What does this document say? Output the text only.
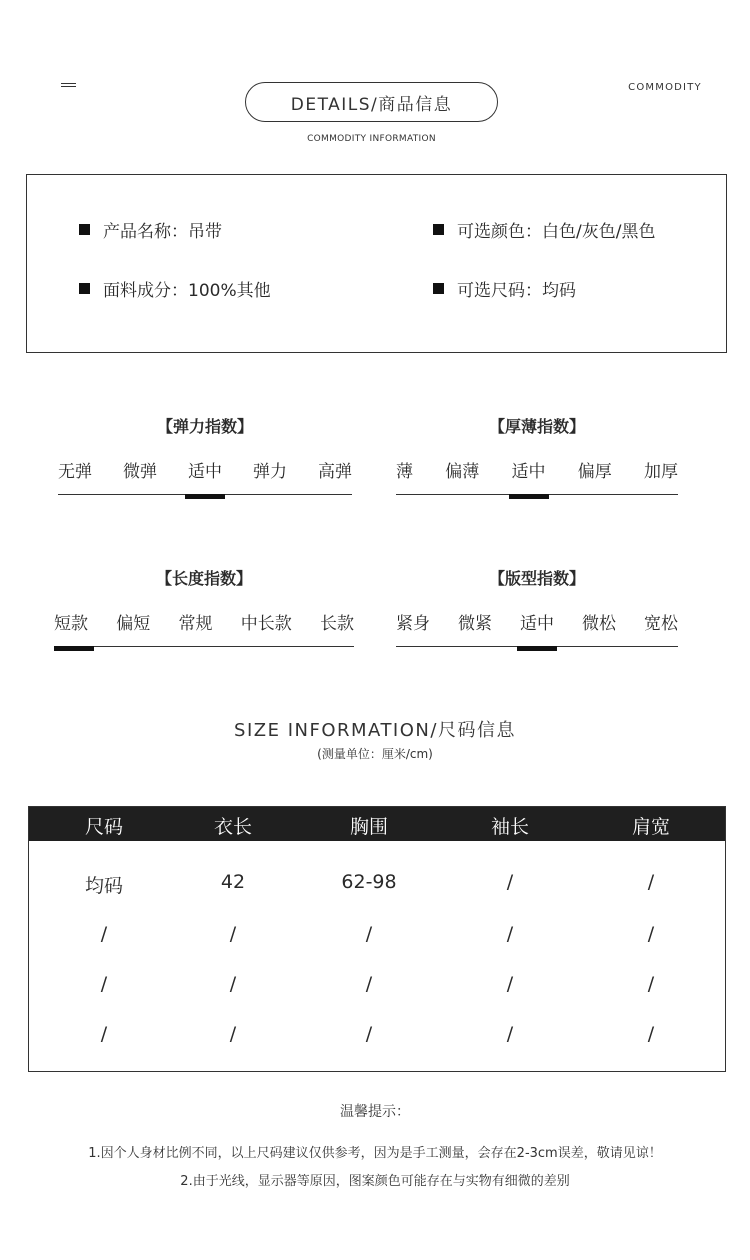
DETAILS/商品信息
COMMODITY INFORMATION
COMMODITY
产品名称：吊带	可选颜色：白色/灰色/黑色
面料成分：100%其他	可选尺码：均码
【弹力指数】
无弹 微弹 适中 弹力 高弹
【厚薄指数】
薄 偏薄 适中 偏厚 加厚
【长度指数】
短款 偏短 常规 中长款 长款
【版型指数】
紧身 微紧 适中 微松 宽松
SIZE INFORMATION/尺码信息
(测量单位：厘米/cm)
尺码	衣长	胸围	袖长	肩宽
均码	42	62-98	/	/
/	/	/	/	/
/	/	/	/	/
/	/	/	/	/
温馨提示：
1.因个人身材比例不同，以上尺码建议仅供参考，因为是手工测量，会存在2-3cm误差，敬请见谅！
2.由于光线，显示器等原因，图案颜色可能存在与实物有细微的差别
